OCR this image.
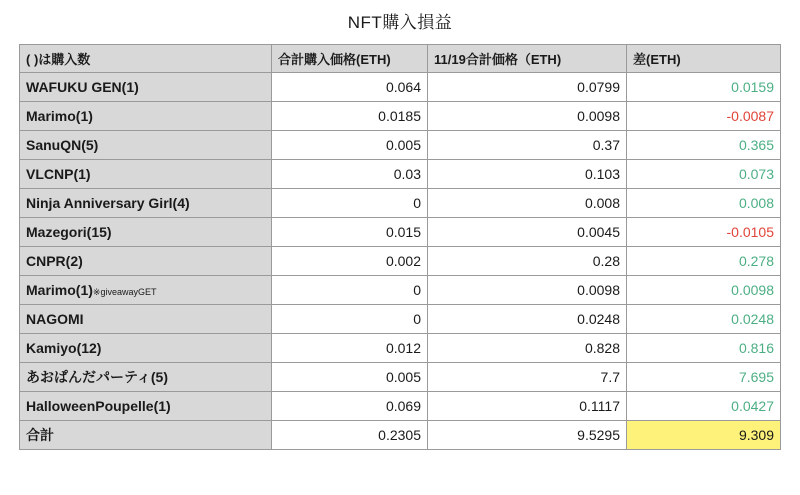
NFT購入損益
( )は購入数	合計購入価格(ETH)	11/19合計価格（ETH)	差(ETH)
WAFUKU GEN(1)	0.064	0.0799	0.0159
Marimo(1)	0.0185	0.0098	-0.0087
SanuQN(5)	0.005	0.37	0.365
VLCNP(1)	0.03	0.103	0.073
Ninja Anniversary Girl(4)	0	0.008	0.008
Mazegori(15)	0.015	0.0045	-0.0105
CNPR(2)	0.002	0.28	0.278
Marimo(1)※giveawayGET	0	0.0098	0.0098
NAGOMI	0	0.0248	0.0248
Kamiyo(12)	0.012	0.828	0.816
あおぱんだパーティ(5)	0.005	7.7	7.695
HalloweenPoupelle(1)	0.069	0.1117	0.0427
合計	0.2305	9.5295	9.309
